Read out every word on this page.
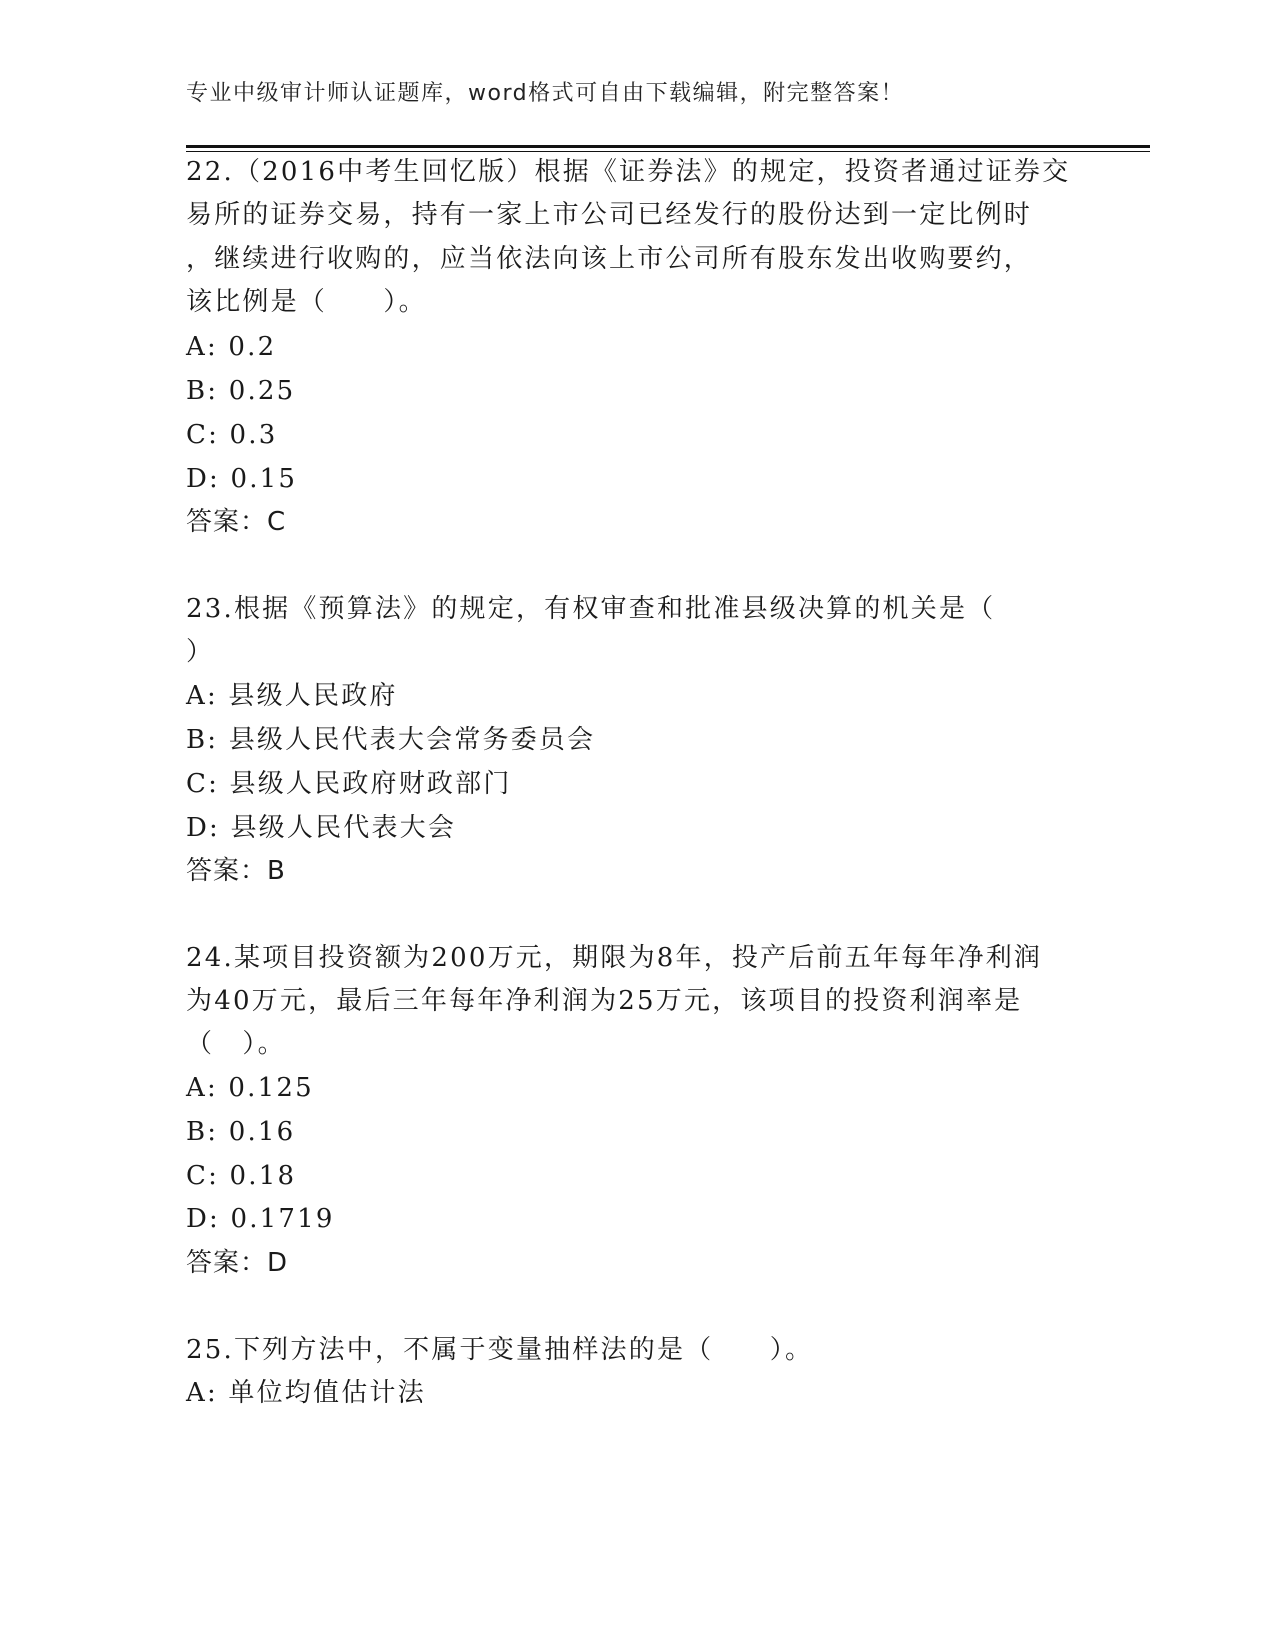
专业中级审计师认证题库，word格式可自由下载编辑，附完整答案！
22.（2016中考生回忆版）根据《证券法》的规定，投资者通过证券交
易所的证券交易，持有一家上市公司已经发行的股份达到一定比例时
，继续进行收购的，应当依法向该上市公司所有股东发出收购要约，
该比例是（　　）。
A: 0.2
B: 0.25
C: 0.3
D: 0.15
答案：C
23.根据《预算法》的规定，有权审查和批准县级决算的机关是（
）
A: 县级人民政府
B: 县级人民代表大会常务委员会
C: 县级人民政府财政部门
D: 县级人民代表大会
答案：B
24.某项目投资额为200万元，期限为8年，投产后前五年每年净利润
为40万元，最后三年每年净利润为25万元，该项目的投资利润率是
（　）。
A: 0.125
B: 0.16
C: 0.18
D: 0.1719
答案：D
25.下列方法中，不属于变量抽样法的是（　　）。
A: 单位均值估计法
